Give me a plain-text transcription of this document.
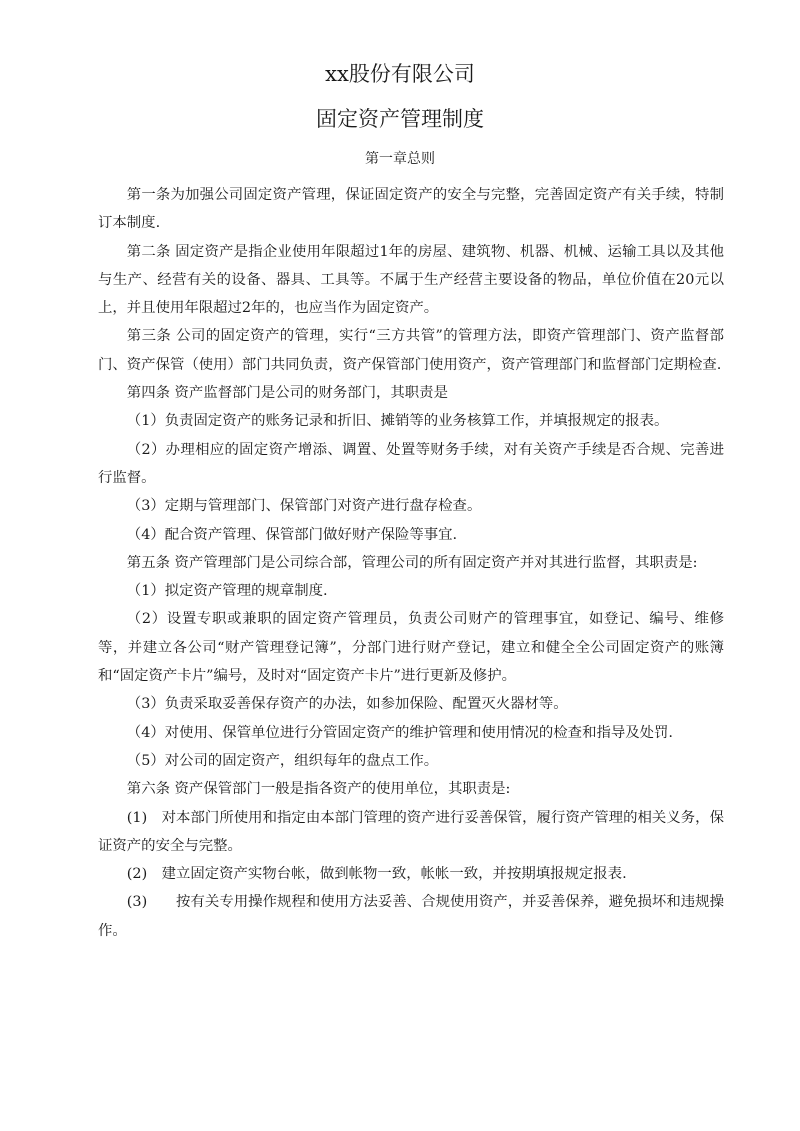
xx股份有限公司
固定资产管理制度
第一章总则

第一条为加强公司固定资产管理，保证固定资产的安全与完整，完善固定资产有关手续，特制订本制度.

第二条 固定资产是指企业使用年限超过1年的房屋、建筑物、机器、机械、运输工具以及其他与生产、经营有关的设备、器具、工具等。不属于生产经营主要设备的物品，单位价值在20元以上，并且使用年限超过2年的，也应当作为固定资产。

第三条 公司的固定资产的管理，实行“三方共管”的管理方法，即资产管理部门、资产监督部门、资产保管（使用）部门共同负责，资产保管部门使用资产，资产管理部门和监督部门定期检查.

第四条 资产监督部门是公司的财务部门，其职责是

（1）负责固定资产的账务记录和折旧、摊销等的业务核算工作，并填报规定的报表。

（2）办理相应的固定资产增添、调置、处置等财务手续，对有关资产手续是否合规、完善进行监督。

（3）定期与管理部门、保管部门对资产进行盘存检查。

（4）配合资产管理、保管部门做好财产保险等事宜.

第五条 资产管理部门是公司综合部，管理公司的所有固定资产并对其进行监督，其职责是:

（1）拟定资产管理的规章制度.

（2）设置专职或兼职的固定资产管理员，负责公司财产的管理事宜，如登记、编号、维修等，并建立各公司“财产管理登记簿”，分部门进行财产登记，建立和健全全公司固定资产的账簿和“固定资产卡片”编号，及时对“固定资产卡片”进行更新及修护。

（3）负责采取妥善保存资产的办法，如参加保险、配置灭火器材等。

（4）对使用、保管单位进行分管固定资产的维护管理和使用情况的检查和指导及处罚.

（5）对公司的固定资产，组织每年的盘点工作。

第六条 资产保管部门一般是指各资产的使用单位，其职责是:

(1)　对本部门所使用和指定由本部门管理的资产进行妥善保管，履行资产管理的相关义务，保证资产的安全与完整。

(2)　建立固定资产实物台帐，做到帐物一致，帐帐一致，并按期填报规定报表.

(3)　　按有关专用操作规程和使用方法妥善、合规使用资产，并妥善保养，避免损坏和违规操作。
